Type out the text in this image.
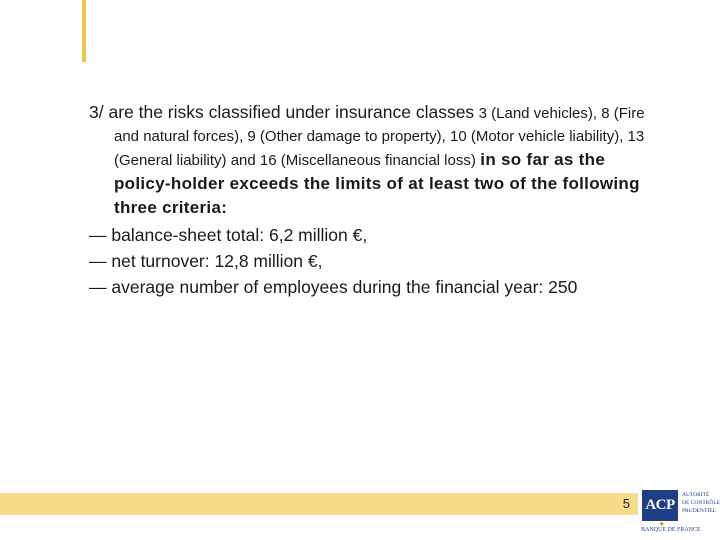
3/ are the risks classified under insurance classes 3 (Land vehicles), 8 (Fire and natural forces), 9 (Other damage to property), 10 (Motor vehicle liability), 13 (General liability) and 16 (Miscellaneous financial loss) in so far as the policy-holder exceeds the limits of at least two of the following three criteria:

— balance-sheet total: 6,2 million €,

— net turnover: 12,8 million €,

— average number of employees during the financial year: 250

5 ACP
AUTORITÉ
DE CONTRÔLE
PRUDENTIEL
✦
BANQUE DE FRANCE
